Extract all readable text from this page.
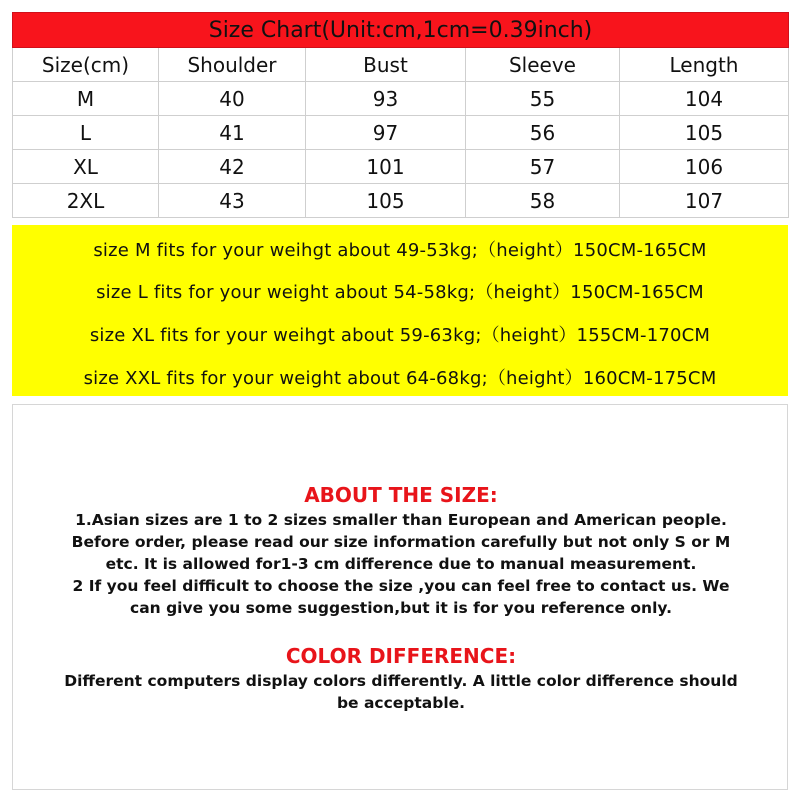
Size Chart(Unit:cm,1cm=0.39inch)				
Size(cm)	Shoulder	Bust	Sleeve	Length
M	40	93	55	104
L	41	97	56	105
XL	42	101	57	106
2XL	43	105	58	107
size M fits for your weihgt about 49-53kg;（height）150CM-165CM
size L fits for your weight about 54-58kg;（height）150CM-165CM
size XL fits for your weihgt about 59-63kg;（height）155CM-170CM
size XXL fits for your weight about 64-68kg;（height）160CM-175CM
ABOUT THE SIZE:
1.Asian sizes are 1 to 2 sizes smaller than European and American people.
Before order, please read our size information carefully but not only S or M
etc. It is allowed for1-3 cm difference due to manual measurement.
2 If you feel difficult to choose the size ,you can feel free to contact us. We
can give you some suggestion,but it is for you reference only.
COLOR DIFFERENCE:
Different computers display colors differently. A little color difference should
be acceptable.
